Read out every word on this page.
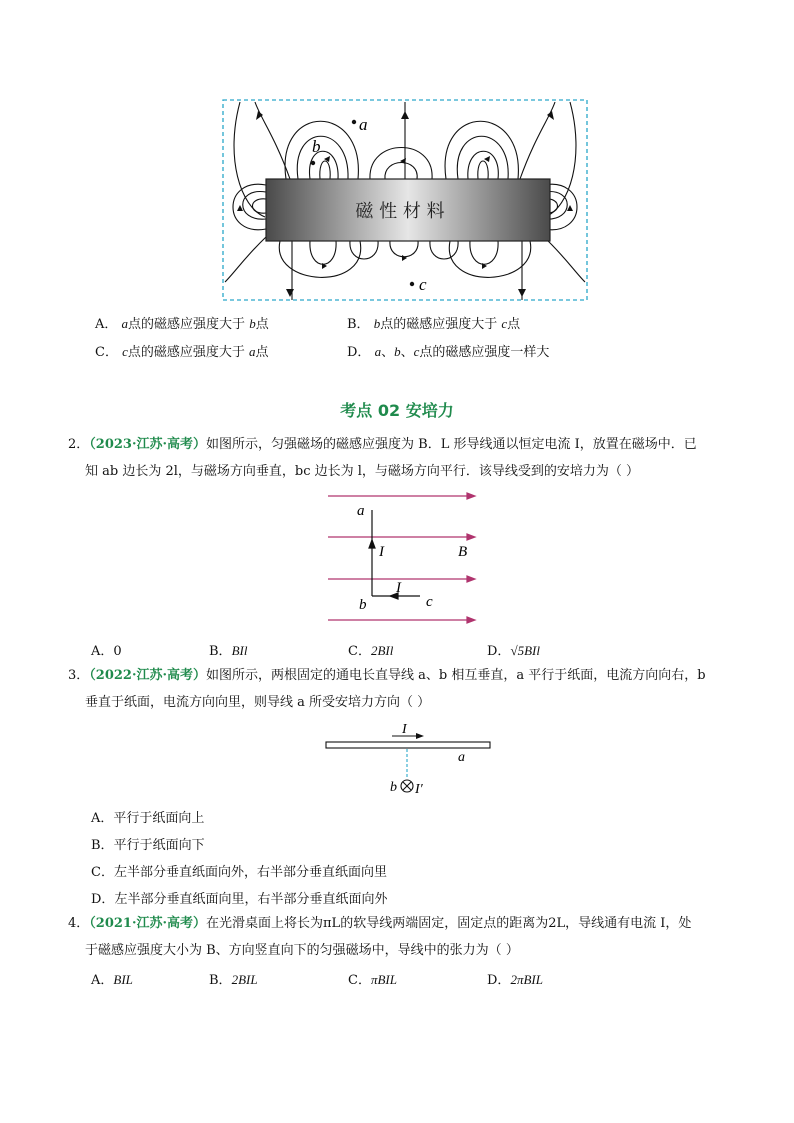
磁 性 材 料
a
b
c
A． a点的磁感应强度大于 b点	B． b点的磁感应强度大于 c点
C． c点的磁感应强度大于 a点	D． a、b、c点的磁感应强度一样大
考点 02 安培力
2．（2023·江苏·高考）如图所示，匀强磁场的磁感应强度为 B．L 形导线通以恒定电流 I，放置在磁场中．已
知 ab 边长为 2l，与磁场方向垂直，bc 边长为 l，与磁场方向平行．该导线受到的安培力为（ ）
a
I	B
I
b	c
A．0	B．BIl	C．2BIl	D．√5BIl
3．（2022·江苏·高考）如图所示，两根固定的通电长直导线 a、b 相互垂直，a 平行于纸面，电流方向向右，b
垂直于纸面，电流方向向里，则导线 a 所受安培力方向（ ）
I
a
b I′
A．平行于纸面向上
B．平行于纸面向下
C．左半部分垂直纸面向外，右半部分垂直纸面向里
D．左半部分垂直纸面向里，右半部分垂直纸面向外
4．（2021·江苏·高考）在光滑桌面上将长为πL的软导线两端固定，固定点的距离为2L，导线通有电流 I，处
于磁感应强度大小为 B、方向竖直向下的匀强磁场中，导线中的张力为（ ）
A．BIL	B．2BIL	C．πBIL	D．2πBIL
